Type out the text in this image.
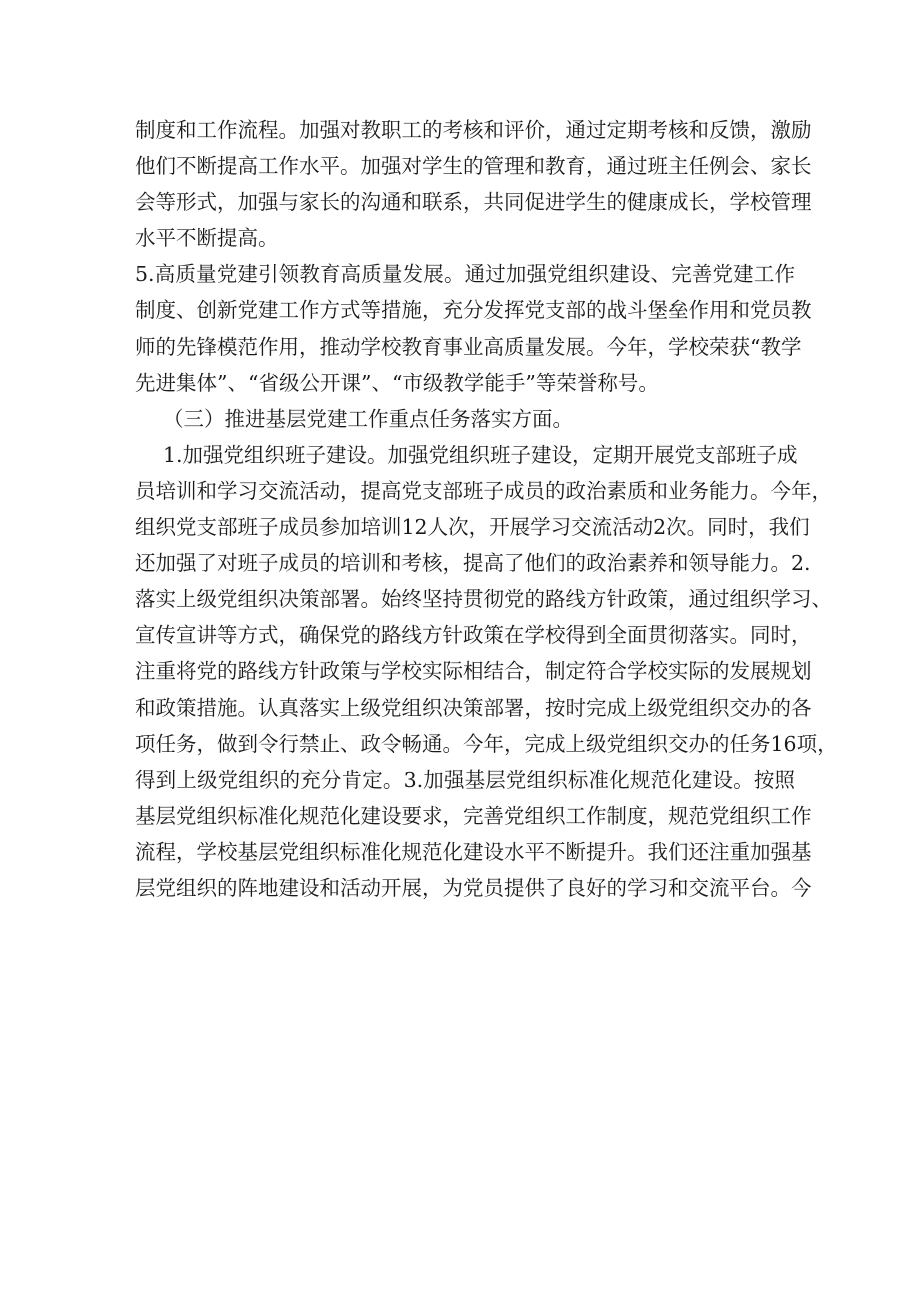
制度和工作流程。加强对教职工的考核和评价，通过定期考核和反馈，激励
他们不断提高工作水平。加强对学生的管理和教育，通过班主任例会、家长
会等形式，加强与家长的沟通和联系，共同促进学生的健康成长，学校管理
水平不断提高。
5.高质量党建引领教育高质量发展。通过加强党组织建设、完善党建工作
制度、创新党建工作方式等措施，充分发挥党支部的战斗堡垒作用和党员教
师的先锋模范作用，推动学校教育事业高质量发展。今年，学校荣获“教学
先进集体”、“省级公开课”、“市级教学能手”等荣誉称号。
（三）推进基层党建工作重点任务落实方面。
1.加强党组织班子建设。加强党组织班子建设，定期开展党支部班子成
员培训和学习交流活动，提高党支部班子成员的政治素质和业务能力。今年，
组织党支部班子成员参加培训12人次，开展学习交流活动2次。同时，我们
还加强了对班子成员的培训和考核，提高了他们的政治素养和领导能力。2.
落实上级党组织决策部署。始终坚持贯彻党的路线方针政策，通过组织学习、
宣传宣讲等方式，确保党的路线方针政策在学校得到全面贯彻落实。同时，
注重将党的路线方针政策与学校实际相结合，制定符合学校实际的发展规划
和政策措施。认真落实上级党组织决策部署，按时完成上级党组织交办的各
项任务，做到令行禁止、政令畅通。今年，完成上级党组织交办的任务16项，
得到上级党组织的充分肯定。3.加强基层党组织标准化规范化建设。按照
基层党组织标准化规范化建设要求，完善党组织工作制度，规范党组织工作
流程，学校基层党组织标准化规范化建设水平不断提升。我们还注重加强基
层党组织的阵地建设和活动开展，为党员提供了良好的学习和交流平台。今
